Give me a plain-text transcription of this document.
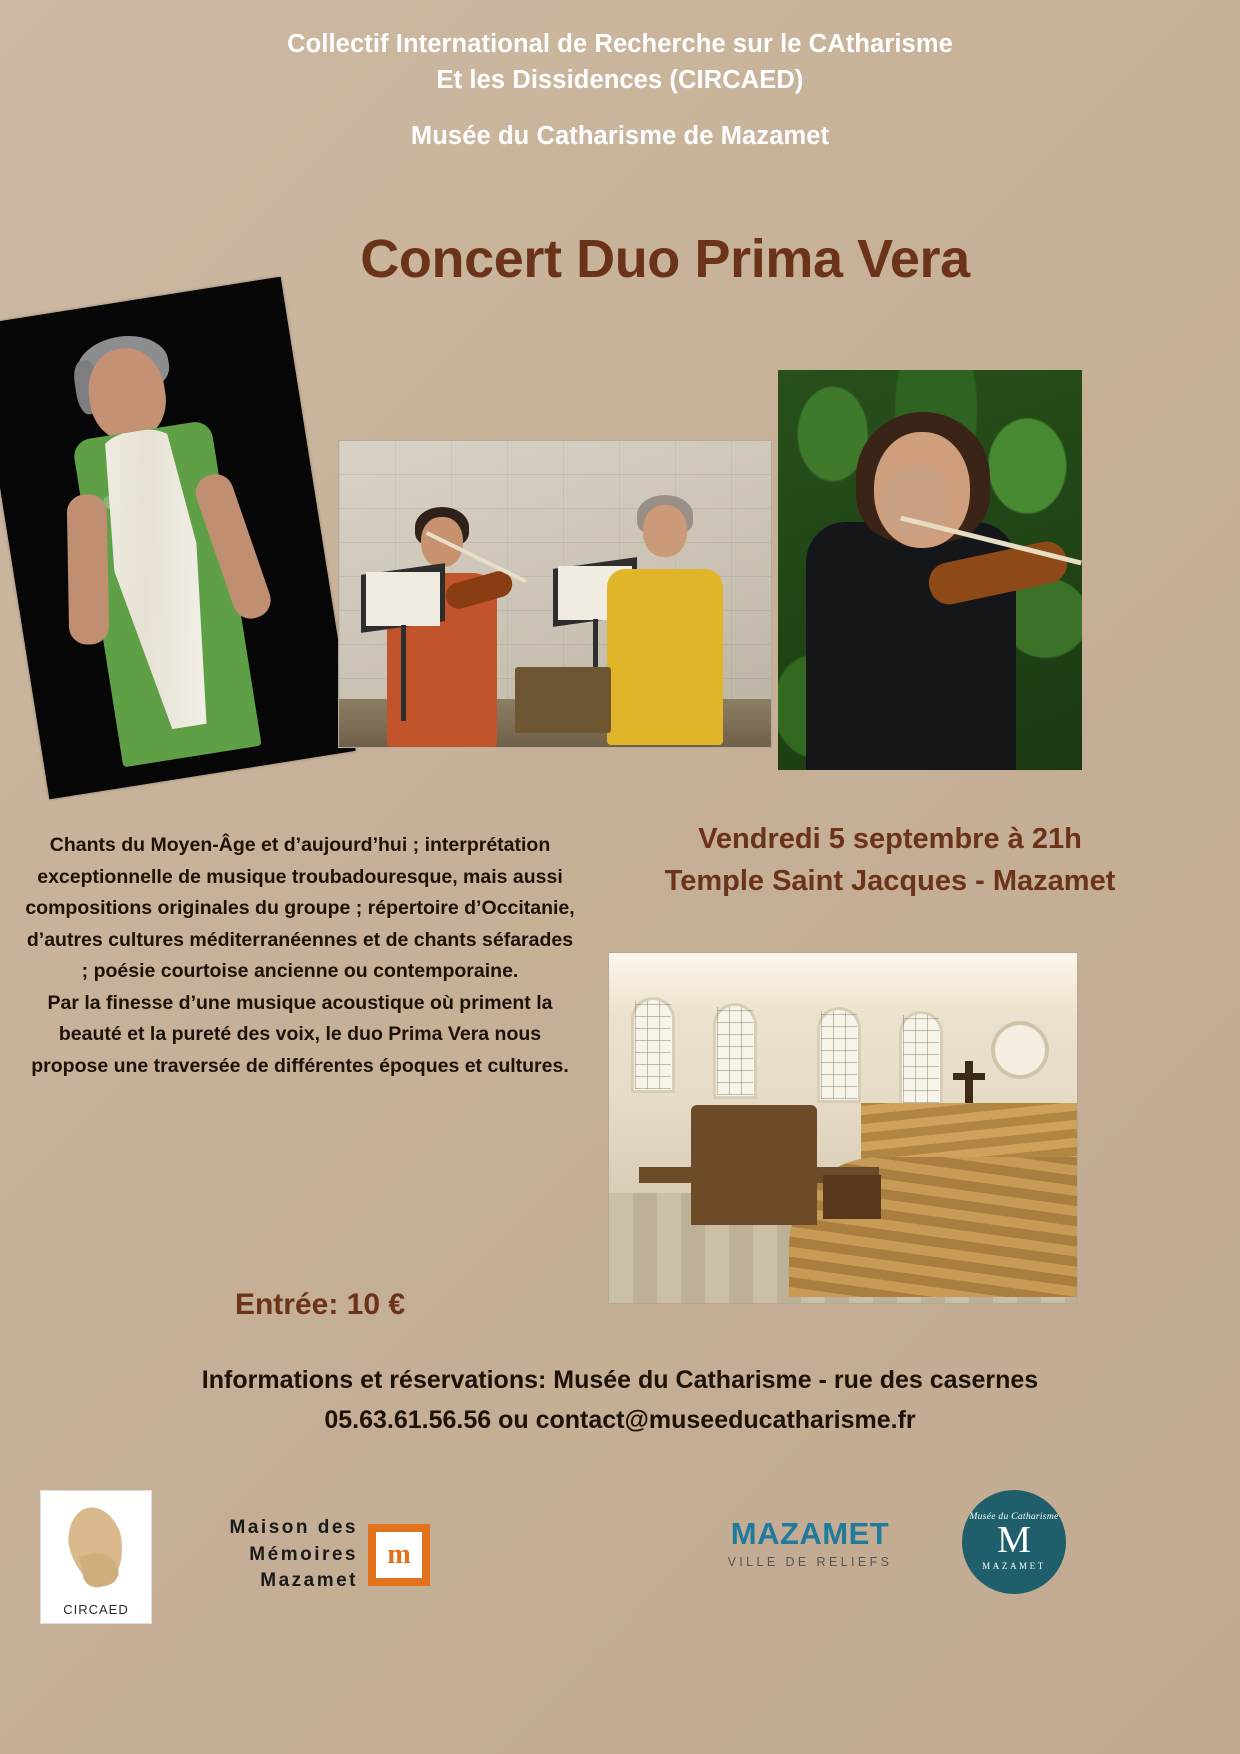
Collectif International de Recherche sur le CAtharisme
Et les Dissidences (CIRCAED)
Musée du Catharisme de Mazamet
Concert Duo Prima Vera

Chants du Moyen-Âge et d’aujourd’hui ; interprétation exceptionnelle de musique troubadouresque, mais aussi compositions originales du groupe ; répertoire d’Occitanie, d’autres cultures méditerranéennes et de chants séfarades ; poésie courtoise ancienne ou contemporaine.

Par la finesse d’une musique acoustique où priment la beauté et la pureté des voix, le duo Prima Vera nous propose une traversée de différentes époques et cultures.

Vendredi 5 septembre à 21h
Temple Saint Jacques - Mazamet
Entrée: 10 €
Informations et réservations: Musée du Catharisme - rue des casernes
05.63.61.56.56 ou contact@museeducatharisme.fr
CIRCAED
Maison des
Mémoires
Mazamet
m
MAZAMET
VILLE DE RELIEFS
Musée du Catharisme
M
MAZAMET
